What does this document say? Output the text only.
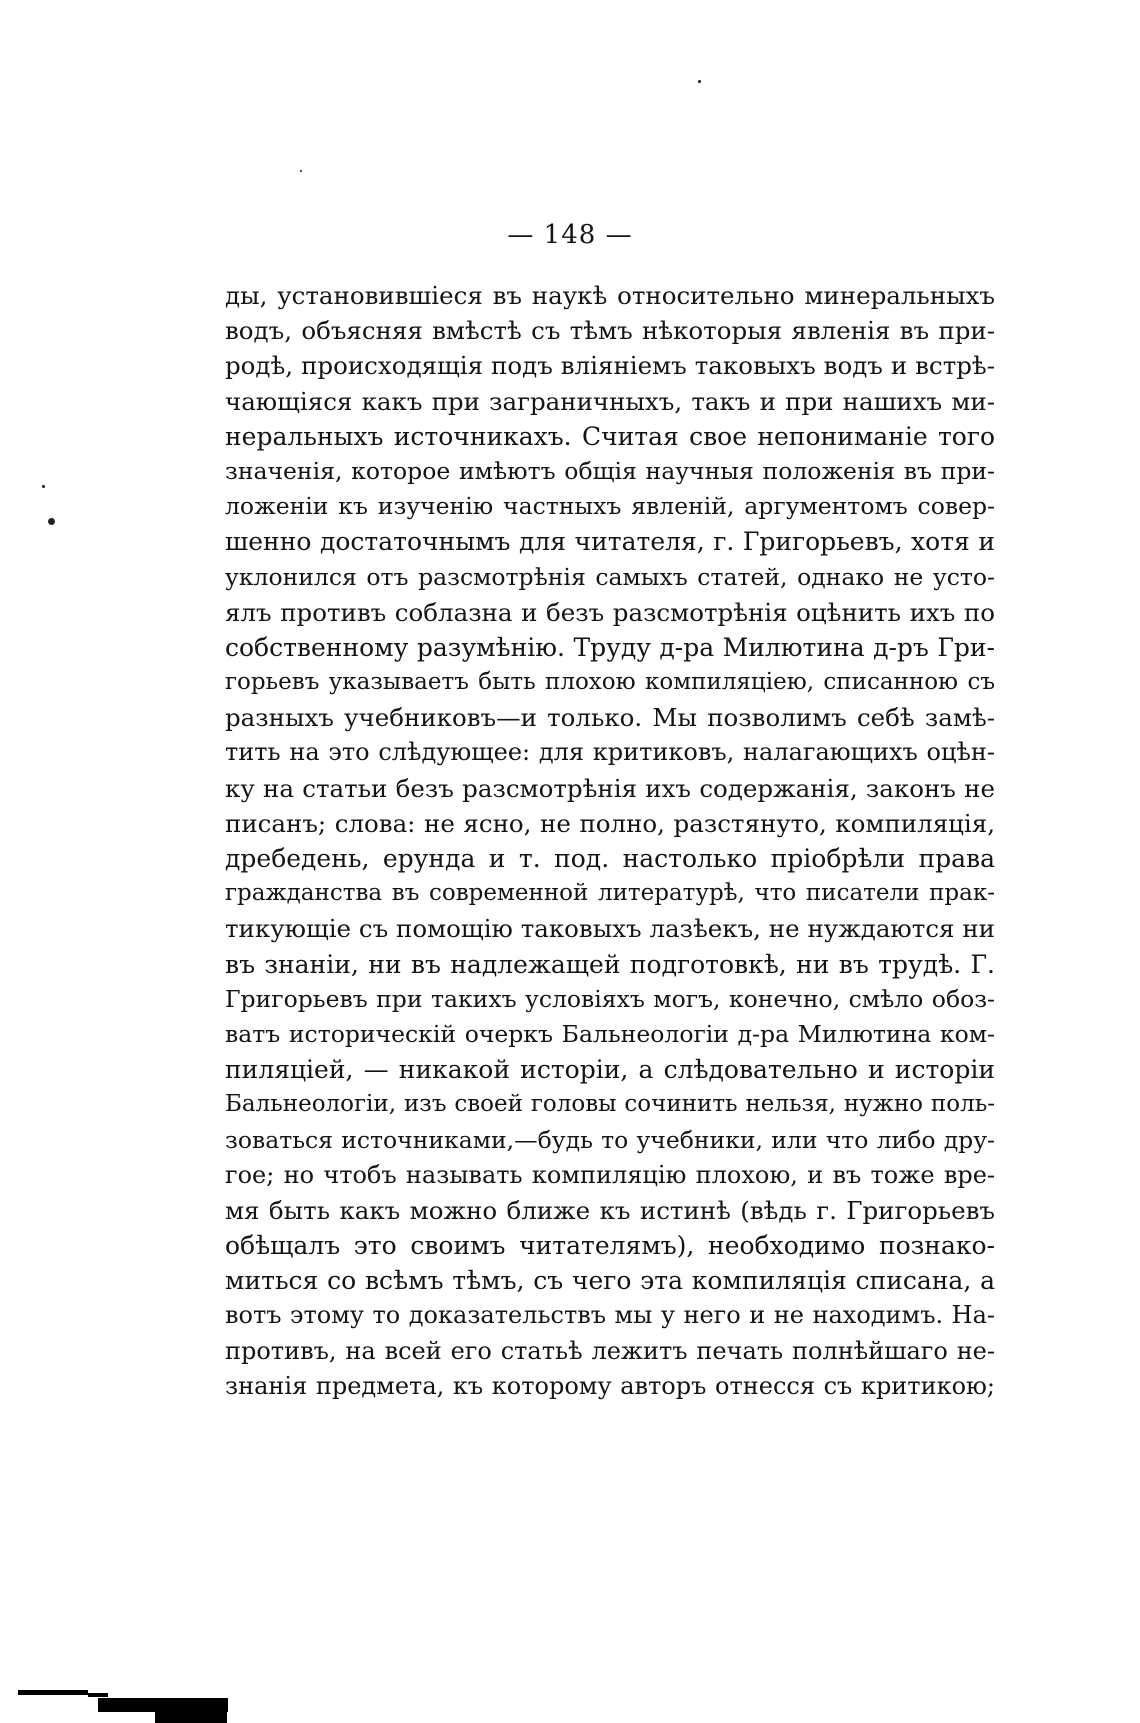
— 148 —
ды, установившіеся въ наукѣ относительно минеральныхъ
водъ, объясняя вмѣстѣ съ тѣмъ нѣкоторыя явленія въ при-
родѣ, происходящія подъ вліяніемъ таковыхъ водъ и встрѣ-
чающіяся какъ при заграничныхъ, такъ и при нашихъ ми-
неральныхъ источникахъ. Считая свое непониманіе того
значенія, которое имѣютъ общія научныя положенія въ при-
ложеніи къ изученію частныхъ явленій, аргументомъ совер-
шенно достаточнымъ для читателя, г. Григорьевъ, хотя и
уклонился отъ разсмотрѣнія самыхъ статей, однако не усто-
ялъ противъ соблазна и безъ разсмотрѣнія оцѣнить ихъ по
собственному разумѣнію. Труду д-ра Милютина д-ръ Гри-
горьевъ указываетъ быть плохою компиляціею, списанною съ
разныхъ учебниковъ—и только. Мы позволимъ себѣ замѣ-
тить на это слѣдующее: для критиковъ, налагающихъ оцѣн-
ку на статьи безъ разсмотрѣнія ихъ содержанія, законъ не
писанъ; слова: не ясно, не полно, разстянуто, компиляція,
дребедень, ерунда и т. под. настолько пріобрѣли права
гражданства въ современной литературѣ, что писатели прак-
тикующіе съ помощію таковыхъ лазѣекъ, не нуждаются ни
въ знаніи, ни въ надлежащей подготовкѣ, ни въ трудѣ. Г.
Григорьевъ при такихъ условіяхъ могъ, конечно, смѣло обоз-
ватъ историческій очеркъ Бальнеологіи д-ра Милютина ком-
пиляціей, — никакой исторіи, а слѣдовательно и исторіи
Бальнеологіи, изъ своей головы сочинить нельзя, нужно поль-
зоваться источниками,—будь то учебники, или что либо дру-
гое; но чтобъ называть компиляцію плохою, и въ тоже вре-
мя быть какъ можно ближе къ истинѣ (вѣдь г. Григорьевъ
обѣщалъ это своимъ читателямъ), необходимо познако-
миться со всѣмъ тѣмъ, съ чего эта компиляція списана, а
вотъ этому то доказательствъ мы у него и не находимъ. На-
противъ, на всей его статьѣ лежитъ печать полнѣйшаго не-
знанія предмета, къ которому авторъ отнесся съ критикою;
